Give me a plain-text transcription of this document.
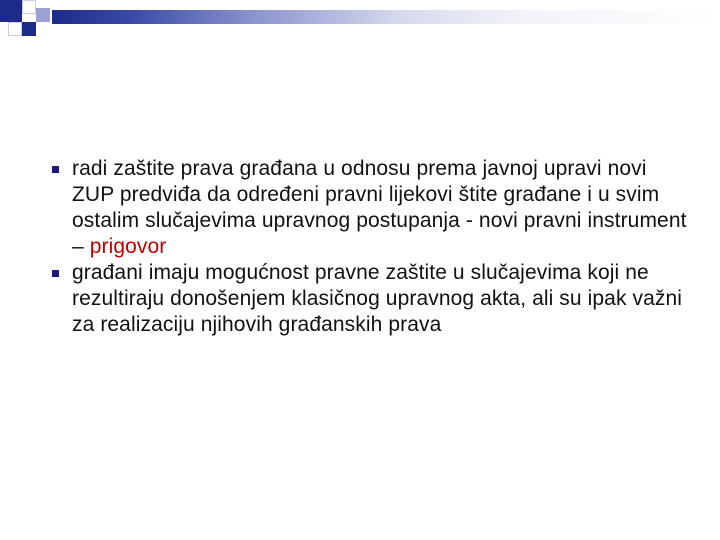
radi zaštite prava građana u odnosu prema javnoj upravi novi ZUP predviđa da određeni pravni lijekovi štite građane i u svim ostalim slučajevima upravnog postupanja - novi pravni instrument – prigovor
građani imaju mogućnost pravne zaštite u slučajevima koji ne rezultiraju donošenjem klasičnog upravnog akta, ali su ipak važni za realizaciju njihovih građanskih prava
